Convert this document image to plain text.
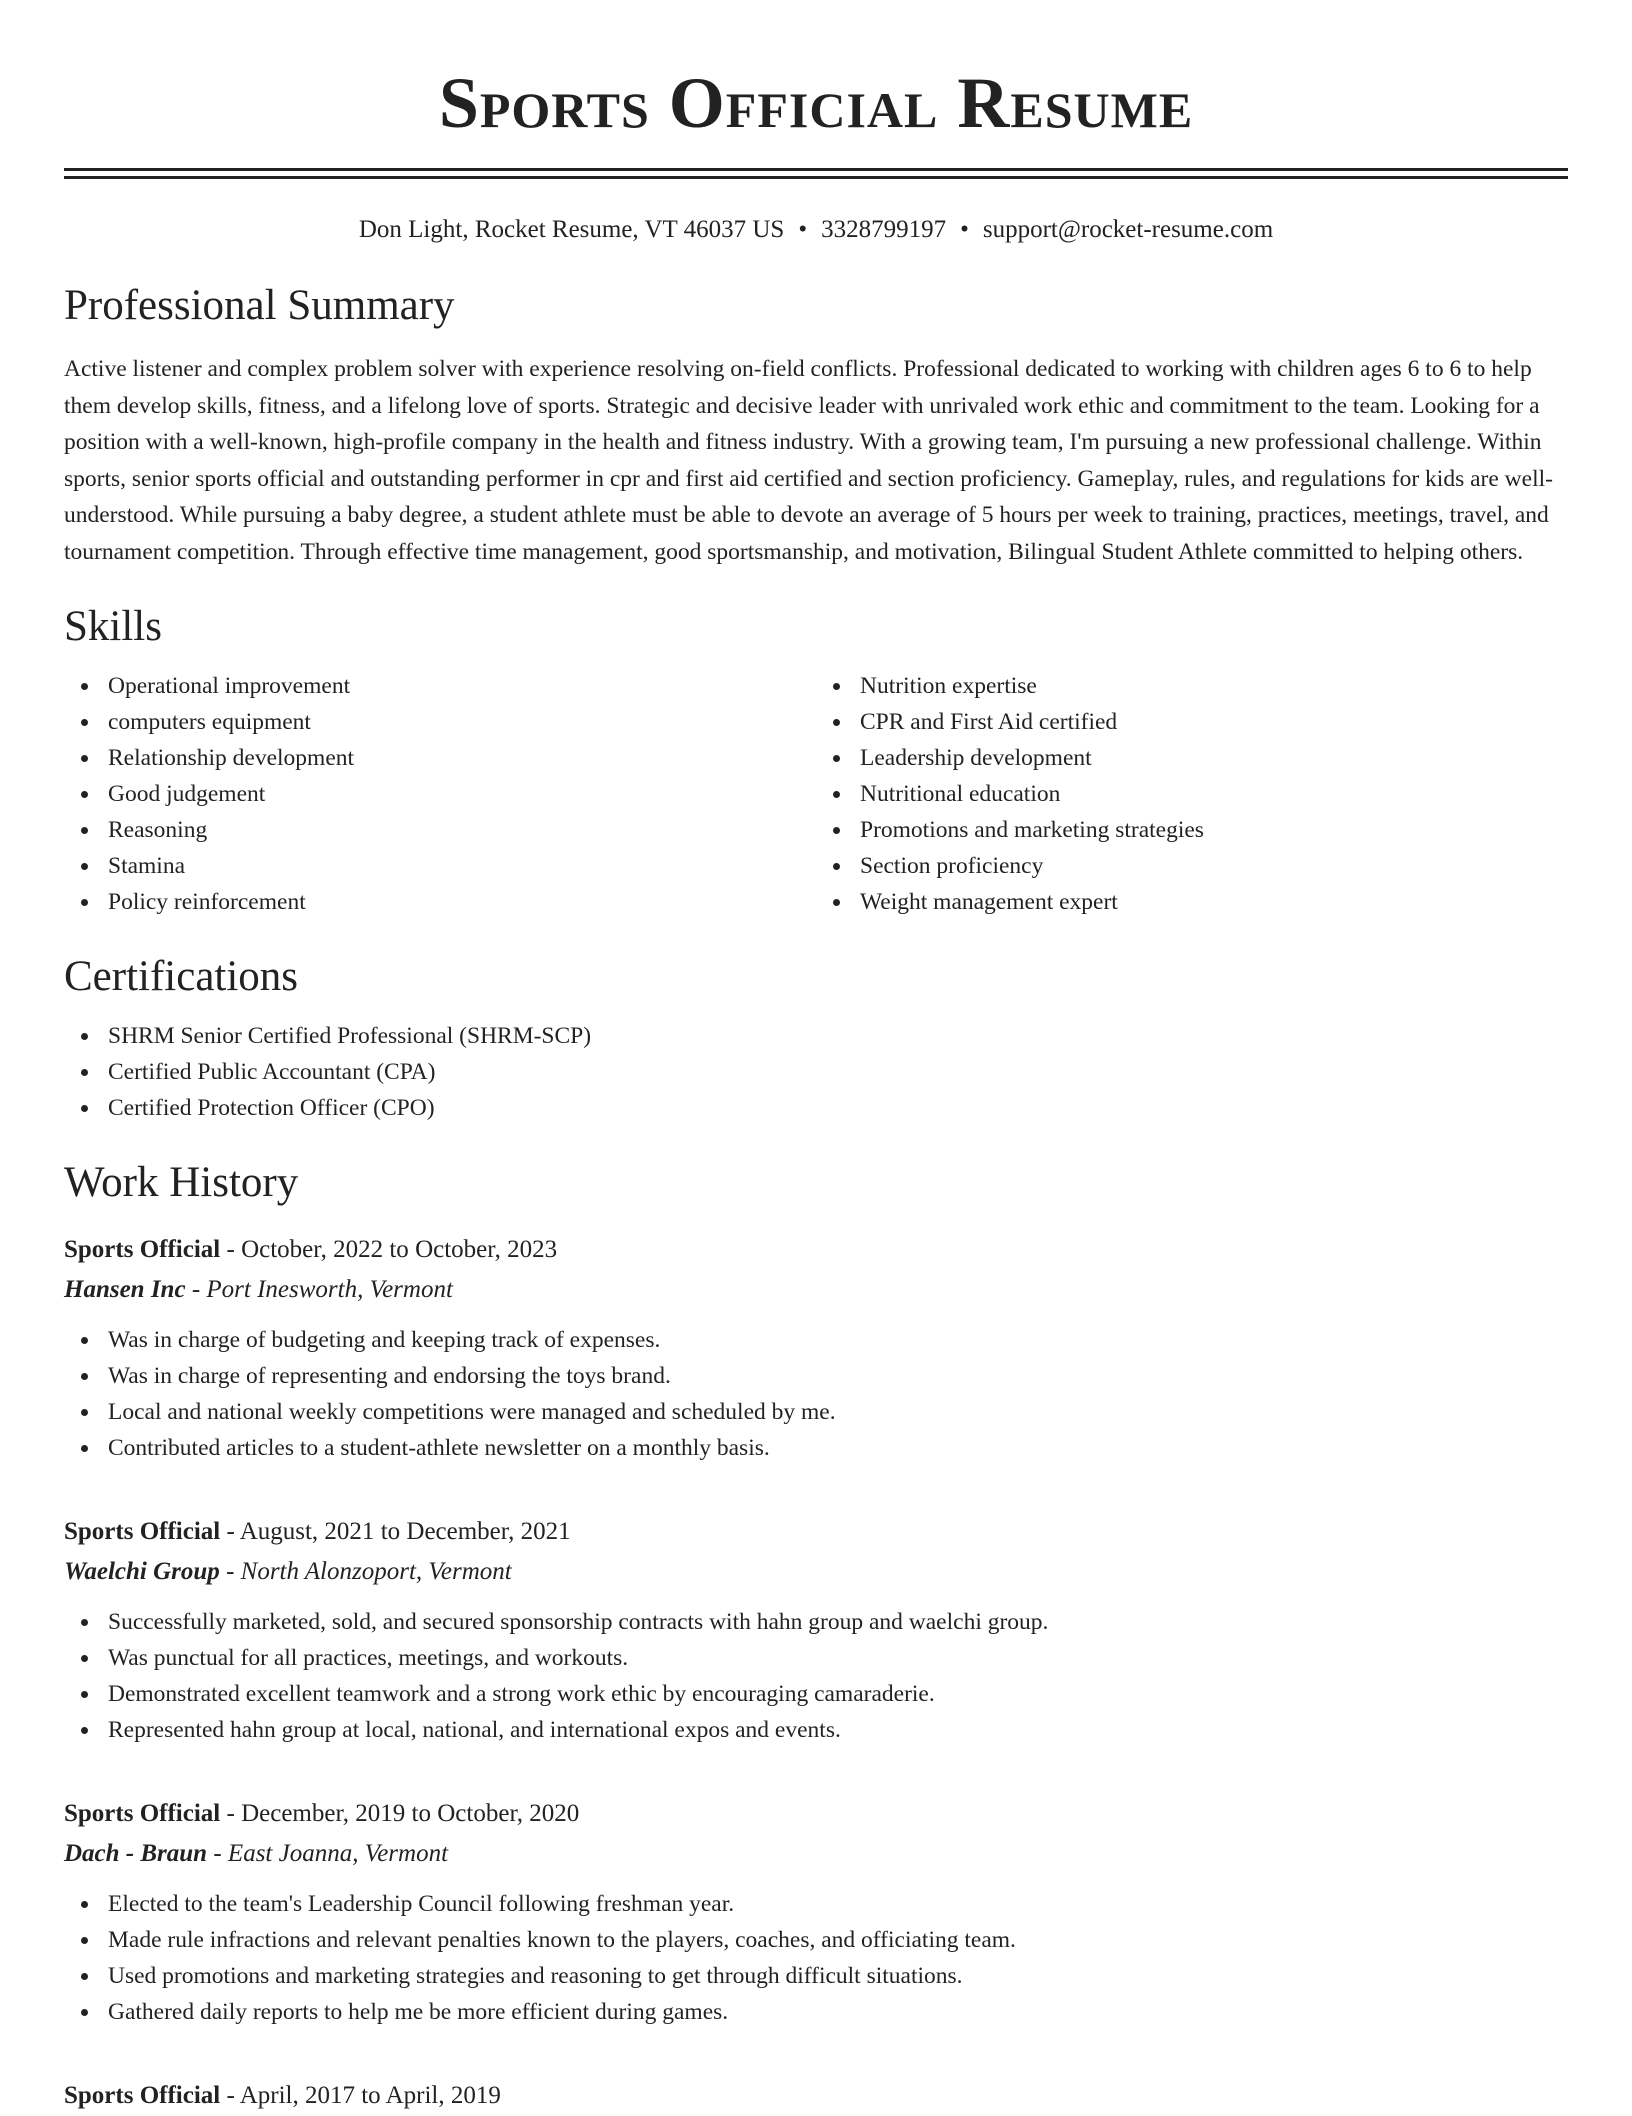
Sports Official Resume
Don Light, Rocket Resume, VT 46037 US • 3328799197 • support@rocket-resume.com
Professional Summary

Active listener and complex problem solver with experience resolving on-field conflicts. Professional dedicated to working with children ages 6 to 6 to help them develop skills, fitness, and a lifelong love of sports. Strategic and decisive leader with unrivaled work ethic and commitment to the team. Looking for a position with a well-known, high-profile company in the health and fitness industry. With a growing team, I'm pursuing a new professional challenge. Within sports, senior sports official and outstanding performer in cpr and first aid certified and section proficiency. Gameplay, rules, and regulations for kids are well-understood. While pursuing a baby degree, a student athlete must be able to devote an average of 5 hours per week to training, practices, meetings, travel, and tournament competition. Through effective time management, good sportsmanship, and motivation, Bilingual Student Athlete committed to helping others.

Skills
Operational improvement
computers equipment
Relationship development
Good judgement
Reasoning
Stamina
Policy reinforcement
Nutrition expertise
CPR and First Aid certified
Leadership development
Nutritional education
Promotions and marketing strategies
Section proficiency
Weight management expert
Certifications
SHRM Senior Certified Professional (SHRM-SCP)
Certified Public Accountant (CPA)
Certified Protection Officer (CPO)
Work History
Sports Official - October, 2022 to October, 2023
Hansen Inc - Port Inesworth, Vermont
Was in charge of budgeting and keeping track of expenses.
Was in charge of representing and endorsing the toys brand.
Local and national weekly competitions were managed and scheduled by me.
Contributed articles to a student-athlete newsletter on a monthly basis.
Sports Official - August, 2021 to December, 2021
Waelchi Group - North Alonzoport, Vermont
Successfully marketed, sold, and secured sponsorship contracts with hahn group and waelchi group.
Was punctual for all practices, meetings, and workouts.
Demonstrated excellent teamwork and a strong work ethic by encouraging camaraderie.
Represented hahn group at local, national, and international expos and events.
Sports Official - December, 2019 to October, 2020
Dach - Braun - East Joanna, Vermont
Elected to the team's Leadership Council following freshman year.
Made rule infractions and relevant penalties known to the players, coaches, and officiating team.
Used promotions and marketing strategies and reasoning to get through difficult situations.
Gathered daily reports to help me be more efficient during games.
Sports Official - April, 2017 to April, 2019
